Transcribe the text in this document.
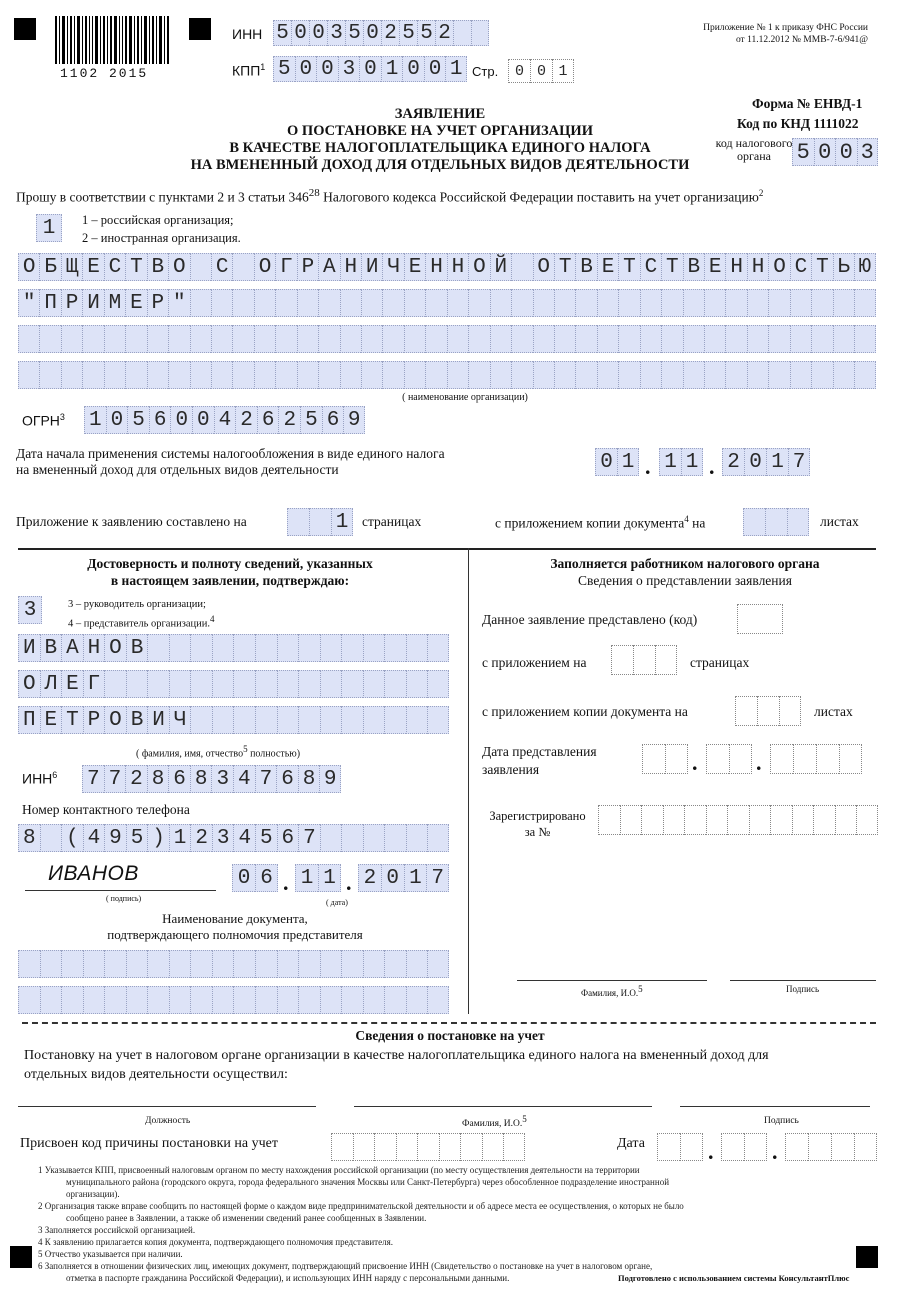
1102 2015
ИНН 5 0 0 3 5 0 2 5 5 2
КПП$^1$ 5 0 0 3 0 1 0 0 1 Стр.	0 0 1
Приложение № 1 к приказу ФНС России
от 11.12.2012 № ММВ-7-6/941@
ЗАЯВЛЕНИЕ
О ПОСТАНОВКЕ НА УЧЕТ ОРГАНИЗАЦИИ
В КАЧЕСТВЕ НАЛОГОПЛАТЕЛЬЩИКА ЕДИНОГО НАЛОГА
НА ВМЕНЕННЫЙ ДОХОД ДЛЯ ОТДЕЛЬНЫХ ВИДОВ ДЕЯТЕЛЬНОСТИ
Форма № ЕНВД-1
Код по КНД 1111022
код налогового
органа	5 0 0 3
Прошу в соответствии с пунктами 2 и 3 статьи $346^{28}$ Налогового кодекса Российской Федерации поставить на учет организацию$^2$
1	1 – российская организация;
2 – иностранная организация.
О Б Щ Е С Т В О С О Г Р А Н И Ч Е Н Н О Й О Т В Е Т С Т В Е Н Н О С Т Ь Ю
" П Р И М Е Р "
( наименование организации)
ОГРН$^3$ 1 0 5 6 0 0 4 2 6 2 5 6 9
Дата начала применения системы налогообложения в виде единого налога
на вмененный доход для отдельных видов деятельности	0 1 . 1 1 . 2 0 1 7
Приложение к заявлению составлено на	1	страницах	с приложением копии документа$^4$ на	листах
Достоверность и полноту сведений, указанных
в настоящем заявлении, подтверждаю:
3	3 – руководитель организации;
4 – представитель организации.$^4$
И В А Н О В
О Л Е Г
П Е Т Р О В И Ч
( фамилия, имя, отчество$^5$ полностью)
ИНН$^6$ 7 7 2 8 6 8 3 4 7 6 8 9
Номер контактного телефона
8 ( 4 9 5 ) 1 2 3 4 5 6 7
ИВАНОВ
( подпись)
0 6 . 1 1 . 2 0 1 7
( дата)
Наименование документа,
подтверждающего полномочия представителя
Заполняется работником налогового органа
Сведения о представлении заявления
Данное заявление представлено (код)
с приложением на	страницах
с приложением копии документа на	листах
Дата представления
заявления	.	.
Зарегистрировано
за №
Фамилия, И.О.$^5$	Подпись
Сведения о постановке на учет
Постановку на учет в налоговом органе организации в качестве налогоплательщика единого налога на вмененный доход для
отдельных видов деятельности осуществил:
Должность	Фамилия, И.О.$^5$	Подпись
Присвоен код причины постановки на учет	Дата	.	.
1 Указывается КПП, присвоенный налоговым органом по месту нахождения российской организации (по месту осуществления деятельности на территории
муниципального района (городского округа, города федерального значения Москвы или Санкт-Петербурга) через обособленное подразделение иностранной
организации).
2 Организация также вправе сообщить по настоящей форме о каждом виде предпринимательской деятельности и об адресе места ее осуществления, о которых не было
сообщено ранее в Заявлении, а также об изменении сведений ранее сообщенных в Заявлении.
3 Заполняется российской организацией.
4 К заявлению прилагается копия документа, подтверждающего полномочия представителя.
5 Отчество указывается при наличии.
6 Заполняется в отношении физических лиц, имеющих документ, подтверждающий присвоение ИНН (Свидетельство о постановке на учет в налоговом органе,
отметка в паспорте гражданина Российской Федерации), и использующих ИНН наряду с персональными данными.	Подготовлено с использованием системы КонсультантПлюс
